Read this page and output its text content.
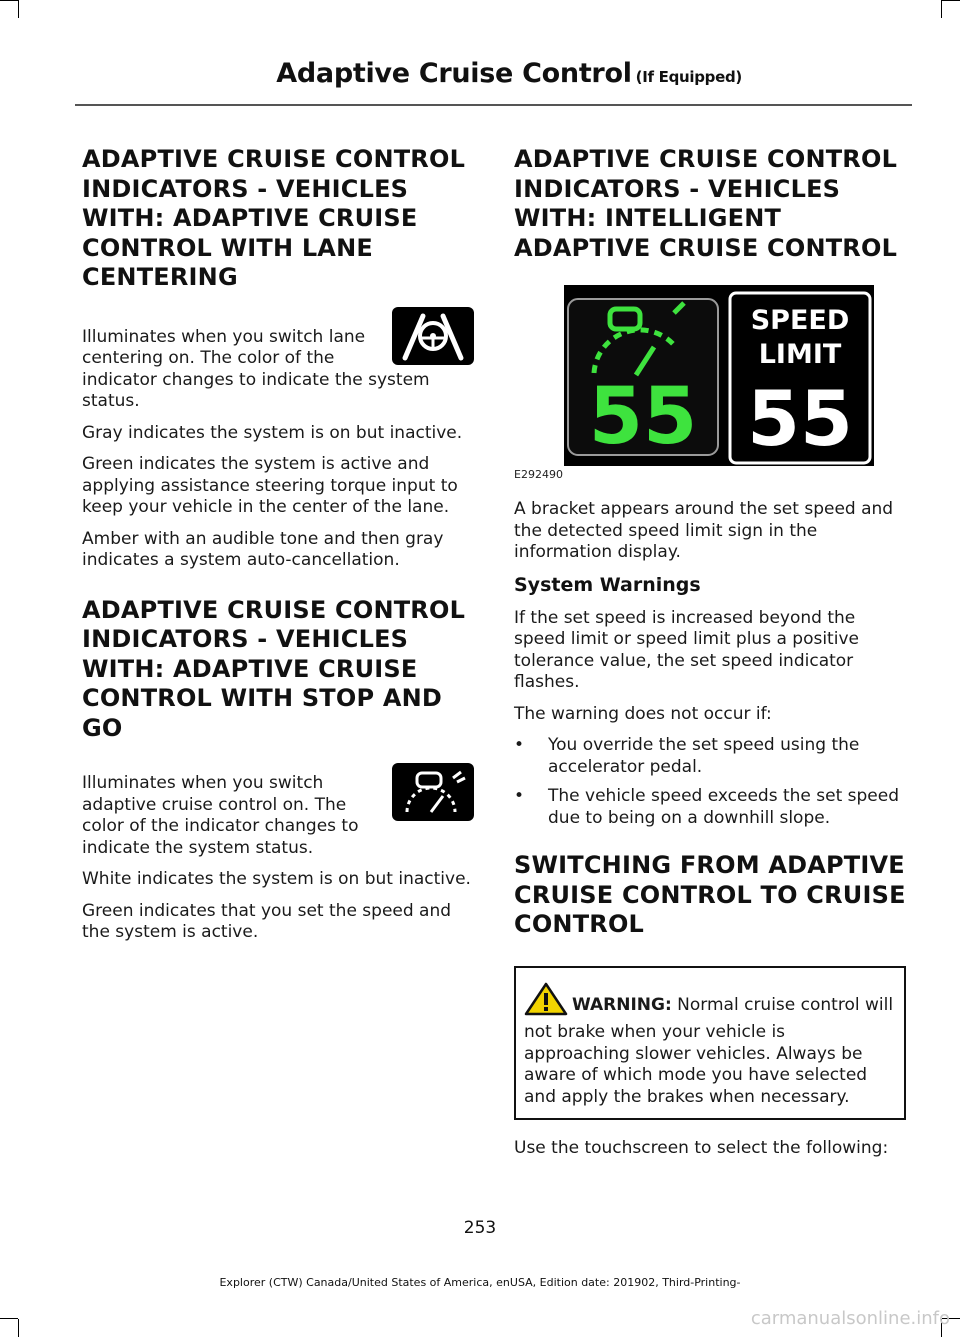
Adaptive Cruise Control (If Equipped)
ADAPTIVE CRUISE CONTROL INDICATORS - VEHICLES WITH: ADAPTIVE CRUISE CONTROL WITH LANE CENTERING

Illuminates when you switch lane centering on. The color of the indicator changes to indicate the system status.

Gray indicates the system is on but inactive.

Green indicates the system is active and applying assistance steering torque input to keep your vehicle in the center of the lane.

Amber with an audible tone and then gray indicates a system auto-cancellation.

ADAPTIVE CRUISE CONTROL INDICATORS - VEHICLES WITH: ADAPTIVE CRUISE CONTROL WITH STOP AND GO

Illuminates when you switch adaptive cruise control on. The color of the indicator changes to indicate the system status.

White indicates the system is on but inactive.

Green indicates that you set the speed and the system is active.

ADAPTIVE CRUISE CONTROL INDICATORS - VEHICLES WITH: INTELLIGENT ADAPTIVE CRUISE CONTROL
55
SPEED
LIMIT
55
E292490

A bracket appears around the set speed and the detected speed limit sign in the information display.

System Warnings

If the set speed is increased beyond the speed limit or speed limit plus a positive tolerance value, the set speed indicator flashes.

The warning does not occur if:

• You override the set speed using the accelerator pedal.
• The vehicle speed exceeds the set speed due to being on a downhill slope.
SWITCHING FROM ADAPTIVE CRUISE CONTROL TO CRUISE CONTROL
WARNING: Normal cruise control will not brake when your vehicle is approaching slower vehicles. Always be aware of which mode you have selected and apply the brakes when necessary.

Use the touchscreen to select the following:

253
Explorer (CTW) Canada/United States of America, enUSA, Edition date: 201902, Third-Printing-
carmanualsonline.info
